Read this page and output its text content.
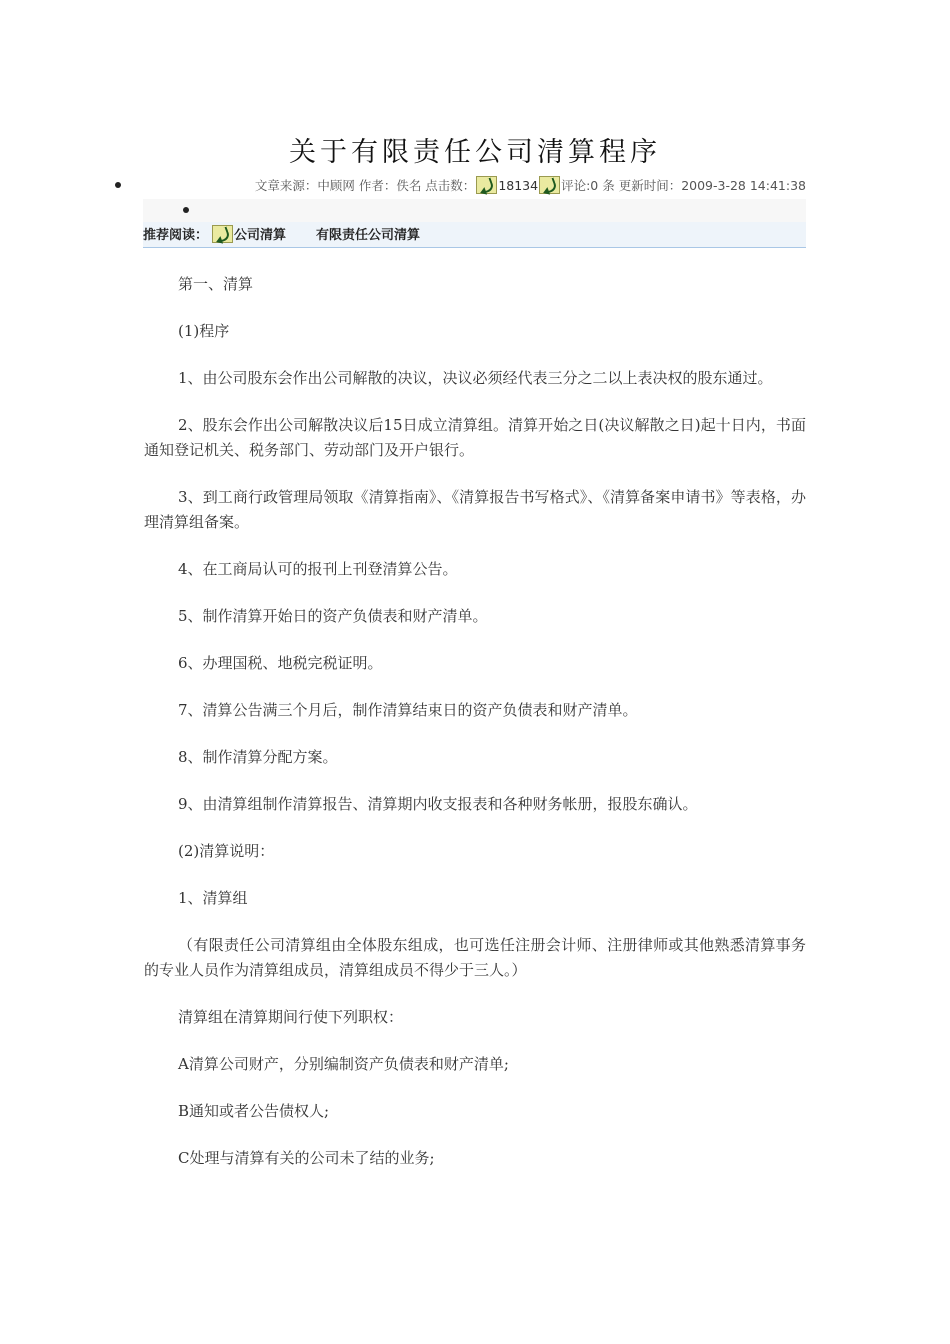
关于有限责任公司清算程序
文章来源：中顾网 作者：佚名 点击数： 18134 评论:0 条 更新时间：2009-3-28 14:41:38
推荐阅读： 公司清算 有限责任公司清算

第一、清算

(1)程序

1、由公司股东会作出公司解散的决议，决议必须经代表三分之二以上表决权的股东通过。

2、股东会作出公司解散决议后15日成立清算组。清算开始之日(决议解散之日)起十日内，书面通知登记机关、税务部门、劳动部门及开户银行。

3、到工商行政管理局领取《清算指南》、《清算报告书写格式》、《清算备案申请书》等表格，办理清算组备案。

4、在工商局认可的报刊上刊登清算公告。

5、制作清算开始日的资产负债表和财产清单。

6、办理国税、地税完税证明。

7、清算公告满三个月后，制作清算结束日的资产负债表和财产清单。

8、制作清算分配方案。

9、由清算组制作清算报告、清算期内收支报表和各种财务帐册，报股东确认。

(2)清算说明：

1、清算组

（有限责任公司清算组由全体股东组成，也可选任注册会计师、注册律师或其他熟悉清算事务的专业人员作为清算组成员，清算组成员不得少于三人。）

清算组在清算期间行使下列职权：

A清算公司财产，分别编制资产负债表和财产清单;

B通知或者公告债权人;

C处理与清算有关的公司未了结的业务;
